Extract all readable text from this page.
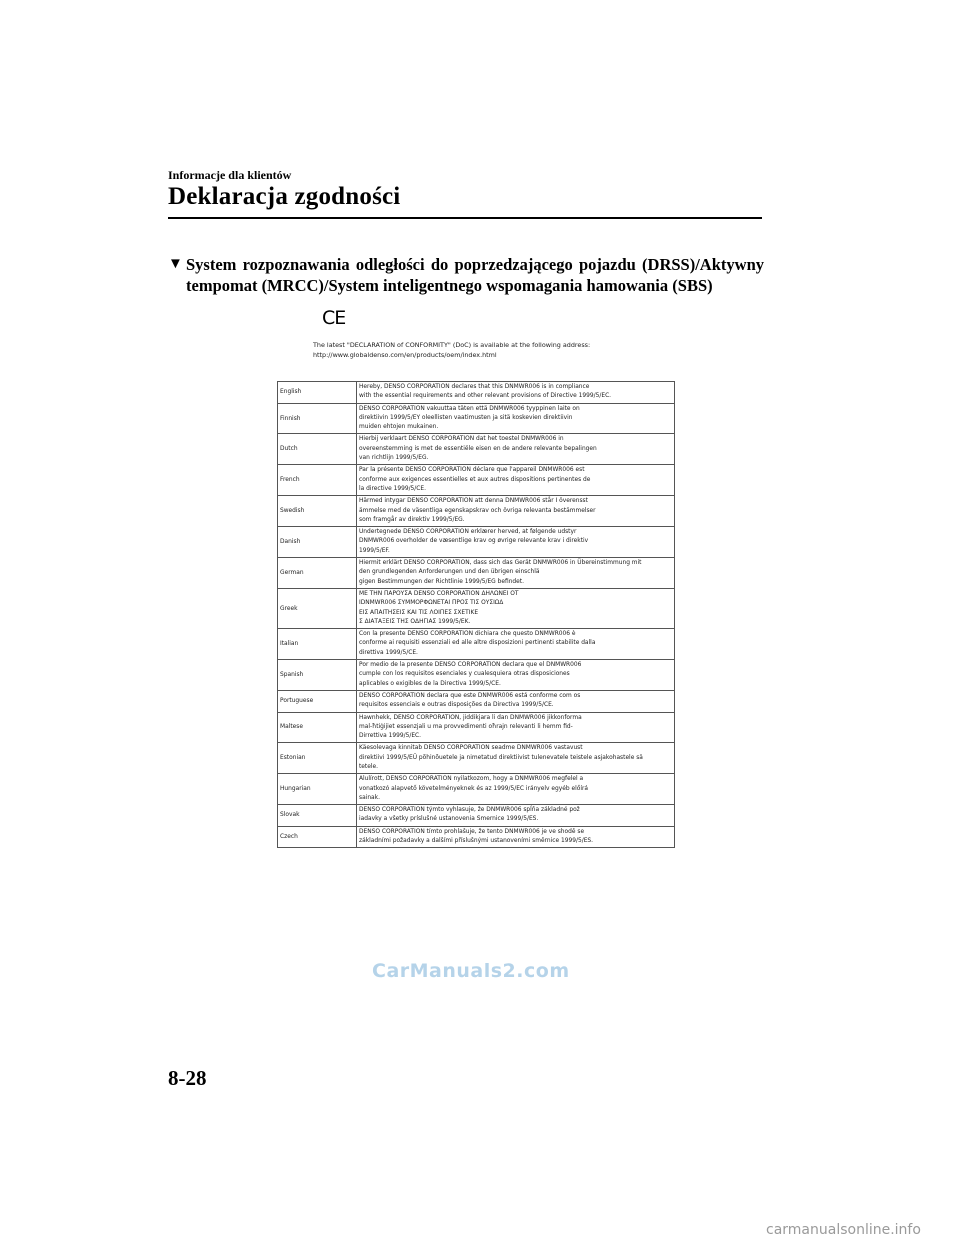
Informacje dla klientów
Deklaracja zgodności
▼ System rozpoznawania odległości do poprzedzającego pojazdu (DRSS)/Aktywny tempomat (MRCC)/System inteligentnego wspomagania hamowania (SBS)
CE
The latest "DECLARATION of CONFORMITY" (DoC) is available at the following address:
http://www.globaldenso.com/en/products/oem/index.html
English	Hereby, DENSO CORPORATION declares that this DNMWR006 is in compliance
with the essential requirements and other relevant provisions of Directive 1999/5/EC.

Finnish	DENSO CORPORATION vakuuttaa täten että DNMWR006 tyyppinen laite on
direktiivin 1999/5/EY oleellisten vaatimusten ja sitä koskevien direktiivin
muiden ehtojen mukainen.

Dutch	Hierbij verklaart DENSO CORPORATION dat het toestel DNMWR006 in
overeenstemming is met de essentiële eisen en de andere relevante bepalingen
van richtlijn 1999/5/EG.

French	Par la présente DENSO CORPORATION déclare que l'appareil DNMWR006 est
conforme aux exigences essentielles et aux autres dispositions pertinentes de
la directive 1999/5/CE.

Swedish	Härmed intygar DENSO CORPORATION att denna DNMWR006 står I överensst
ämmelse med de väsentliga egenskapskrav och övriga relevanta bestämmelser
som framgår av direktiv 1999/5/EG.

Danish	Undertegnede DENSO CORPORATION erklærer herved, at følgende udstyr
DNMWR006 overholder de væsentlige krav og øvrige relevante krav i direktiv
1999/5/EF.

German	Hiermit erklärt DENSO CORPORATION, dass sich das Gerät DNMWR006 in Übereinstimmung mit
den grundlegenden Anforderungen und den übrigen einschlä
gigen Bestimmungen der Richtlinie 1999/5/EG befindet.

Greek	ΜΕ ΤΗΝ ΠΑΡΟΥΣΑ DENSO CORPORATION ΔΗΛΩΝΕΙ ΟΤ
IDNMWR006 ΣΥΜΜΟΡΦΩΝΕΤΑΙ ΠΡΟΣ ΤΙΣ ΟΥΣΙΩΔ
ΕΙΣ ΑΠΑΙΤΗΣΕΙΣ ΚΑΙ ΤΙΣ ΛΟΙΠΕΣ ΣΧΕΤΙΚΕ
Σ ΔΙΑΤΑΞΕΙΣ ΤΗΣ ΟΔΗΓΙΑΣ 1999/5/ΕΚ.

Italian	Con la presente DENSO CORPORATION dichiara che questo DNMWR006 è
conforme ai requisiti essenziali ed alle altre disposizioni pertinenti stabilite dalla
direttiva 1999/5/CE.

Spanish	Por medio de la presente DENSO CORPORATION declara que el DNMWR006
cumple con los requisitos esenciales y cualesquiera otras disposiciones
aplicables o exigibles de la Directiva 1999/5/CE.

Portuguese	DENSO CORPORATION declara que este DNMWR006 está conforme com os
requisitos essenciais e outras disposições da Directiva 1999/5/CE.

Maltese	Hawnhekk, DENSO CORPORATION, jiddikjara li dan DNMWR006 jikkonforma
mal-ħtiġijiet essenzjali u ma provvedimenti oħrajn relevanti li hemm fid-
Dirrettiva 1999/5/EC.

Estonian	Käesolevaga kinnitab DENSO CORPORATION seadme DNMWR006 vastavust
direktiivi 1999/5/EÜ põhinõuetele ja nimetatud direktiivist tulenevatele teistele asjakohastele sä
tetele.

Hungarian	Alulírott, DENSO CORPORATION nyilatkozom, hogy a DNMWR006 megfelel a
vonatkozó alapvető követelményeknek és az 1999/5/EC irányelv egyéb előírá
sainak.

Slovak	DENSO CORPORATION týmto vyhlasuje, že DNMWR006 spĺňa základné pož
iadavky a všetky príslušné ustanovenia Smernice 1999/5/ES.

Czech	DENSO CORPORATION tímto prohlašuje, že tento DNMWR006 je ve shodě se
základními požadavky a dalšími příslušnými ustanoveními směrnice 1999/5/ES.
CarManuals2.com
8-28
carmanualsonline.info
